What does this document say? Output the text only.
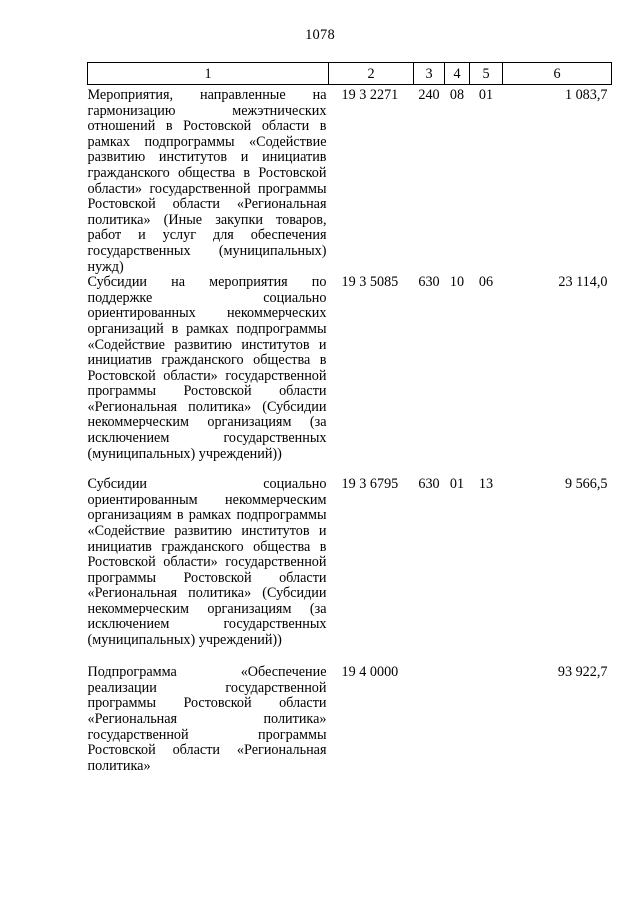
1078
1	2	3	4	5	6
Мероприятия, направленные на гармонизацию межэтнических отношений в Ростовской области в рамках подпрограммы «Содействие развитию институтов и инициатив гражданского общества в Ростовской области» государственной программы Ростовской области «Региональная политика» (Иные закупки товаров, работ и услуг для обеспечения государственных (муниципальных) нужд)	19 3 2271	240	08	01	1 083,7
Субсидии на мероприятия по поддержке социально ориентированных некоммерческих организаций в рамках подпрограммы «Содействие развитию институтов и инициатив гражданского общества в Ростовской области» государственной программы Ростовской области «Региональная политика» (Субсидии некоммерческим организациям (за исключением государственных (муниципальных) учреждений))	19 3 5085	630	10	06	23 114,0
Субсидии социально ориентированным некоммерческим организациям в рамках подпрограммы «Содействие развитию институтов и инициатив гражданского общества в Ростовской области» государственной программы Ростовской области «Региональная политика» (Субсидии некоммерческим организациям (за исключением государственных (муниципальных) учреждений))	19 3 6795	630	01	13	9 566,5
Подпрограмма «Обеспечение реализации государственной программы Ростовской области «Региональная политика» государственной программы Ростовской области «Региональная политика»	19 4 0000				93 922,7
